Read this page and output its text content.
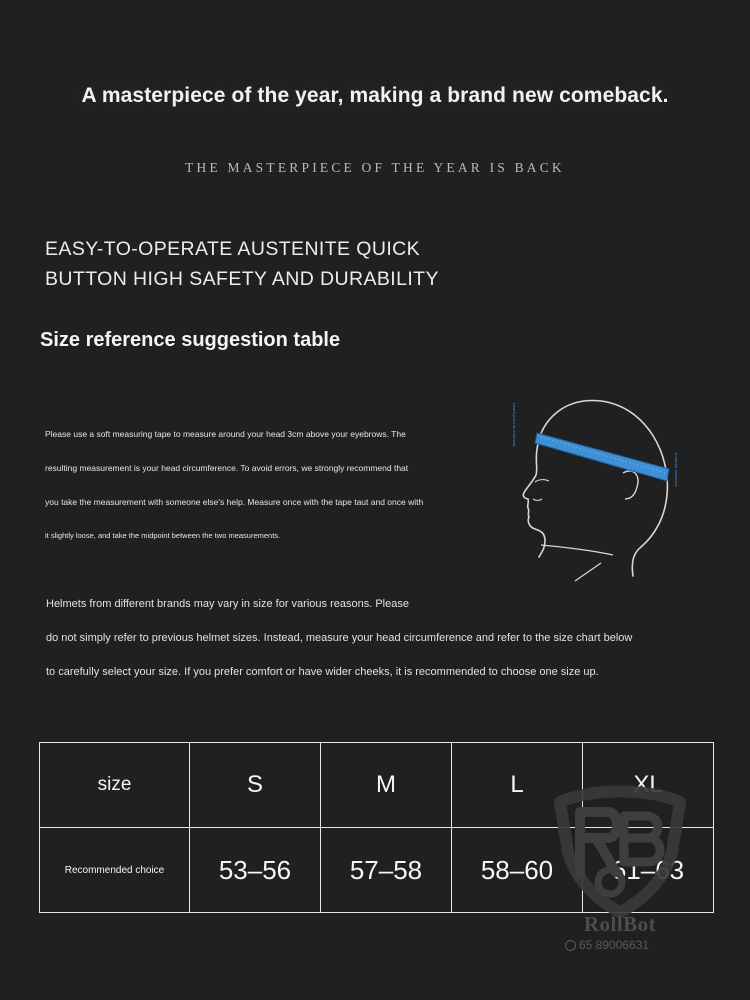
A masterpiece of the year, making a brand new comeback.
THE MASTERPIECE OF THE YEAR IS BACK
EASY-TO-OPERATE AUSTENITE QUICK
BUTTON HIGH SAFETY AND DURABILITY
Size reference suggestion table
Please use a soft measuring tape to measure around your head 3cm above your eyebrows. The
resulting measurement is your head circumference. To avoid errors, we strongly recommend that
you take the measurement with someone else's help. Measure once with the tape taut and once with
it slightly loose, and take the midpoint between the two measurements.
raised point on forehead
posterior eminence
Helmets from different brands may vary in size for various reasons. Please
do not simply refer to previous helmet sizes. Instead, measure your head circumference and refer to the size chart below
to carefully select your size. If you prefer comfort or have wider cheeks, it is recommended to choose one size up.
size	S	M	L	XL
Recommended choice	53–56	57–58	58–60	61–63
RollBot
65 89006631
